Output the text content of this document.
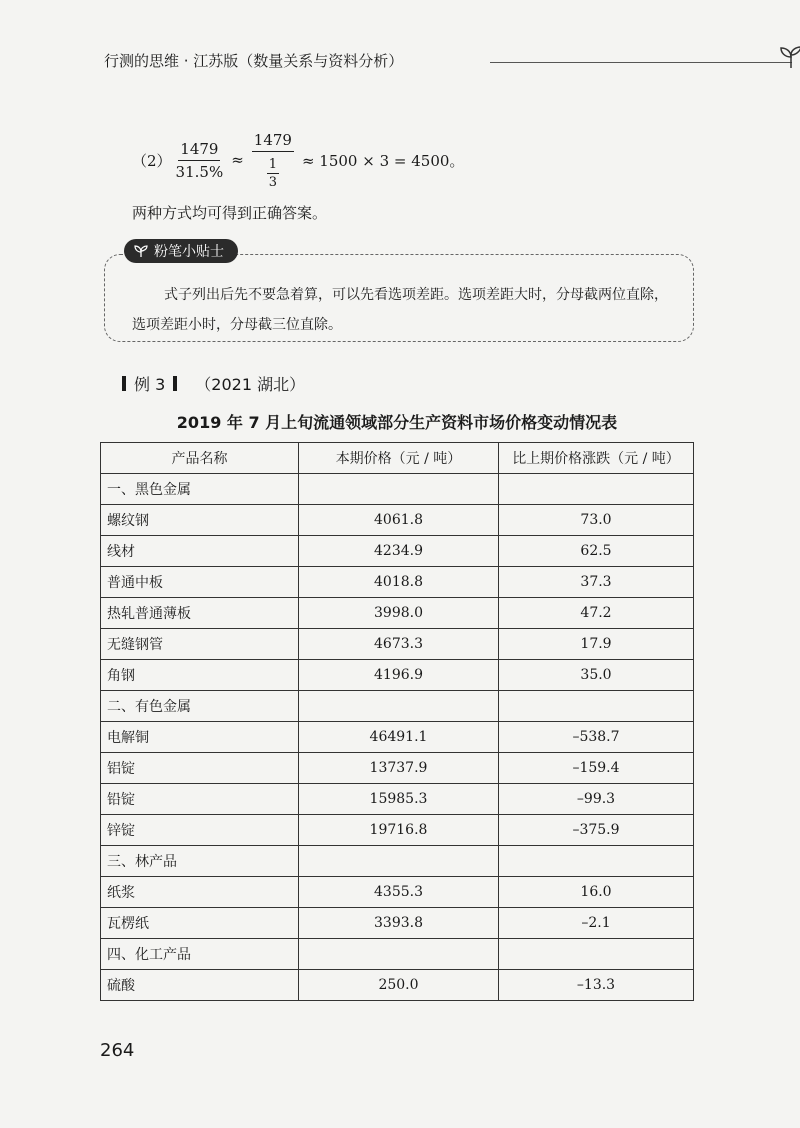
行测的思维 · 江苏版（数量关系与资料分析）
$(2) \frac{1479}{31.5\%} \approx \frac{1479}{\frac{1}{3}} \approx 1500 \times 3 = 4500$。
两种方式均可得到正确答案。
粉笔小贴士
式子列出后先不要急着算，可以先看选项差距。选项差距大时，分母截两位直除，选项差距小时，分母截三位直除。
例 3 （2021 湖北）
2019 年 7 月上旬流通领域部分生产资料市场价格变动情况表
产品名称	本期价格（元 / 吨）	比上期价格涨跌（元 / 吨）
一、黑色金属		
螺纹钢	4061.8	73.0
线材	4234.9	62.5
普通中板	4018.8	37.3
热轧普通薄板	3998.0	47.2
无缝钢管	4673.3	17.9
角钢	4196.9	35.0
二、有色金属		
电解铜	46491.1	–538.7
铝锭	13737.9	–159.4
铅锭	15985.3	–99.3
锌锭	19716.8	–375.9
三、林产品		
纸浆	4355.3	16.0
瓦楞纸	3393.8	–2.1
四、化工产品		
硫酸	250.0	–13.3
264
